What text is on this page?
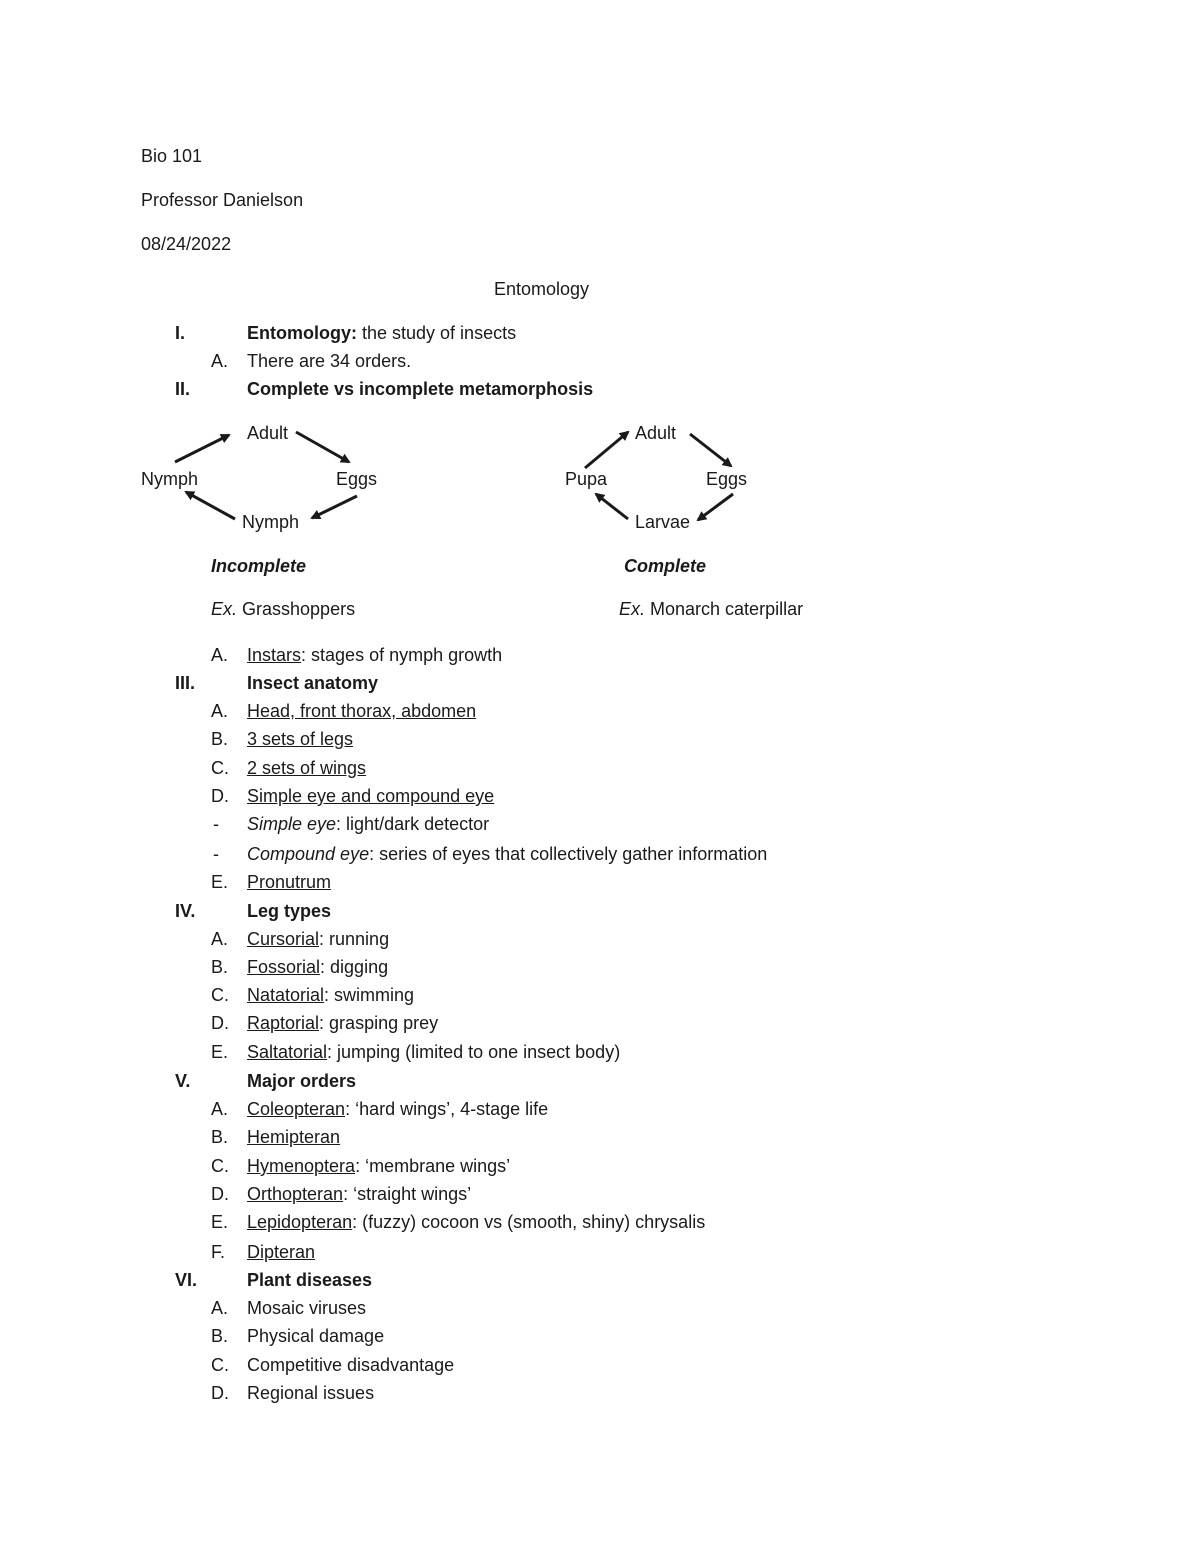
Bio 101
Professor Danielson
08/24/2022
Entomology
I.	Entomology: the study of insects
A. There are 34 orders.
II.	Complete vs incomplete metamorphosis
Adult
Eggs
Nymph
Nymph
Incomplete
Ex. Grasshoppers
Adult
Eggs
Larvae
Pupa
Complete
Ex. Monarch caterpillar
A. Instars: stages of nymph growth
III.	Insect anatomy
A. Head, front thorax, abdomen
B. 3 sets of legs
C. 2 sets of wings
D. Simple eye and compound eye
- Simple eye: light/dark detector
- Compound eye: series of eyes that collectively gather information
E. Pronutrum
IV.	Leg types
A. Cursorial: running
B. Fossorial: digging
C. Natatorial: swimming
D. Raptorial: grasping prey
E. Saltatorial: jumping (limited to one insect body)
V.	Major orders
A. Coleopteran: ‘hard wings’, 4-stage life
B. Hemipteran
C. Hymenoptera: ‘membrane wings’
D. Orthopteran: ‘straight wings’
E. Lepidopteran: (fuzzy) cocoon vs (smooth, shiny) chrysalis
F. Dipteran
VI.	Plant diseases
A. Mosaic viruses
B. Physical damage
C. Competitive disadvantage
D. Regional issues
